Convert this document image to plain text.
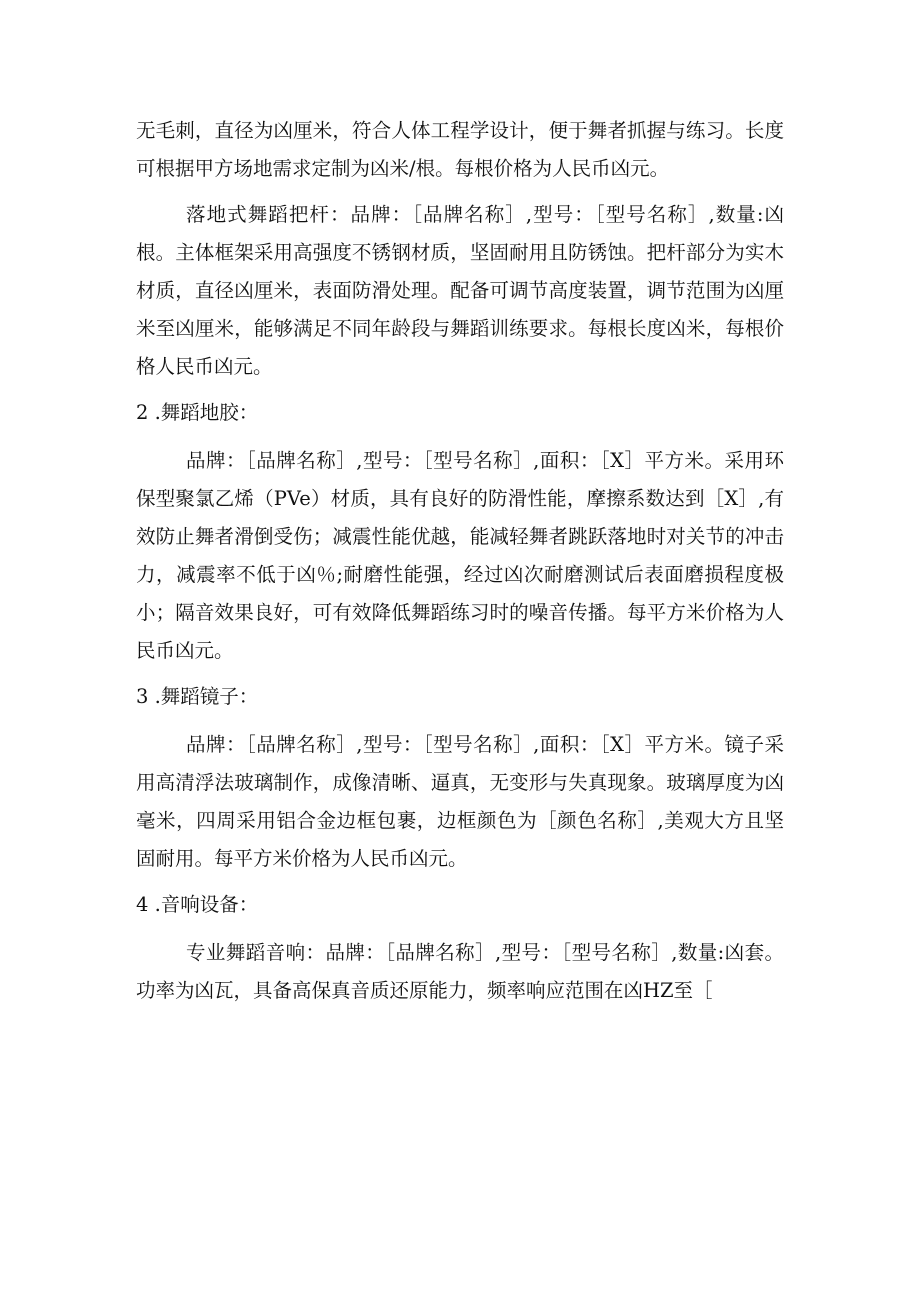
无毛刺，直径为凶厘米，符合人体工程学设计，便于舞者抓握与练习。长度可根据甲方场地需求定制为凶米/根。每根价格为人民币凶元。

落地式舞蹈把杆：品牌：［品牌名称］,型号：［型号名称］,数量:凶根。主体框架采用高强度不锈钢材质，坚固耐用且防锈蚀。把杆部分为实木材质，直径凶厘米，表面防滑处理。配备可调节高度装置，调节范围为凶厘米至凶厘米，能够满足不同年龄段与舞蹈训练要求。每根长度凶米，每根价格人民币凶元。

2 .舞蹈地胶：

品牌：［品牌名称］,型号：［型号名称］,面积：［X］平方米。采用环保型聚氯乙烯（PVe）材质，具有良好的防滑性能，摩擦系数达到［X］,有效防止舞者滑倒受伤；减震性能优越，能减轻舞者跳跃落地时对关节的冲击力，减震率不低于凶％;耐磨性能强，经过凶次耐磨测试后表面磨损程度极小；隔音效果良好，可有效降低舞蹈练习时的噪音传播。每平方米价格为人民币凶元。

3 .舞蹈镜子：

品牌：［品牌名称］,型号：［型号名称］,面积：［X］平方米。镜子采用高清浮法玻璃制作，成像清晰、逼真，无变形与失真现象。玻璃厚度为凶毫米，四周采用铝合金边框包裹，边框颜色为［颜色名称］,美观大方且坚固耐用。每平方米价格为人民币凶元。

4 .音响设备：

专业舞蹈音响：品牌：［品牌名称］,型号：［型号名称］,数量:凶套。功率为凶瓦，具备高保真音质还原能力，频率响应范围在凶HZ至［
